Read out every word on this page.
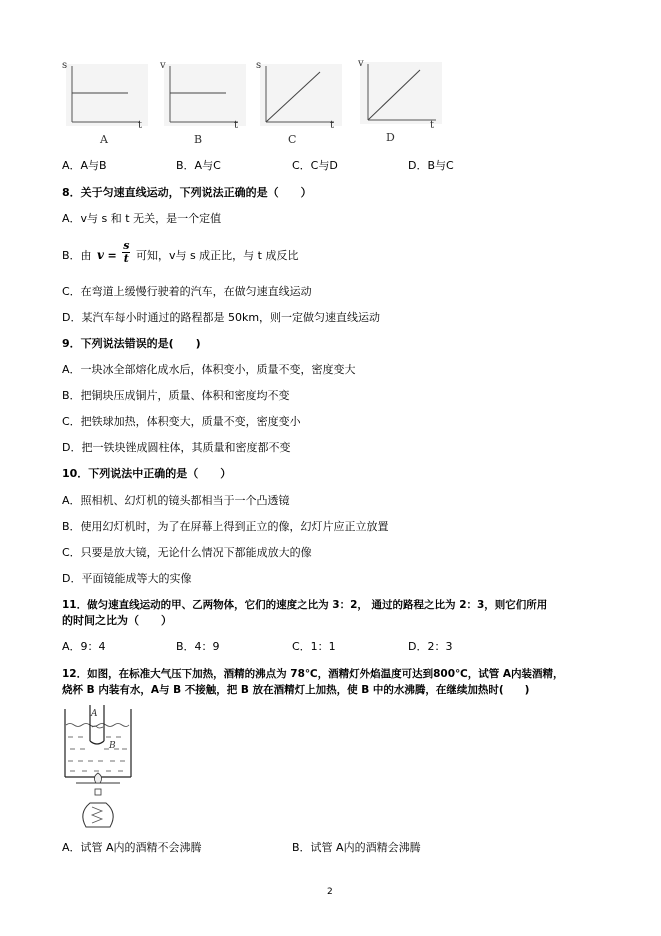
s
t
A
v
t
B
s
t
C
v
t
D
A．A与B	B．A与C	C．C与D	D．B与C
8．关于匀速直线运动，下列说法正确的是（　　）
A．v与 s 和 t 无关，是一个定值
B．由 $v = \frac{s}{t}$ 可知，v与 s 成正比，与 t 成反比
C．在弯道上缓慢行驶着的汽车，在做匀速直线运动
D．某汽车每小时通过的路程都是 50km，则一定做匀速直线运动
9．下列说法错误的是(　　)
A．一块冰全部熔化成水后，体积变小，质量不变，密度变大
B．把铜块压成铜片，质量、体积和密度均不变
C．把铁球加热，体积变大，质量不变，密度变小
D．把一铁块锉成圆柱体，其质量和密度都不变
10．下列说法中正确的是（　　）
A．照相机、幻灯机的镜头都相当于一个凸透镜
B．使用幻灯机时，为了在屏幕上得到正立的像，幻灯片应正立放置
C．只要是放大镜，无论什么情况下都能成放大的像
D．平面镜能成等大的实像
11．做匀速直线运动的甲、乙两物体，它们的速度之比为 3：2， 通过的路程之比为 2：3，则它们所用
的时间之比为（　　）
A．9：4	B．4：9	C．1：1	D．2：3
12．如图，在标准大气压下加热，酒精的沸点为 78℃，酒精灯外焰温度可达到800℃，试管 A内装酒精，
烧杯 B 内装有水，A与 B 不接触，把 B 放在酒精灯上加热，使 B 中的水沸腾，在继续加热时(　　)
A
B
A．试管 A内的酒精不会沸腾	B．试管 A内的酒精会沸腾
2
